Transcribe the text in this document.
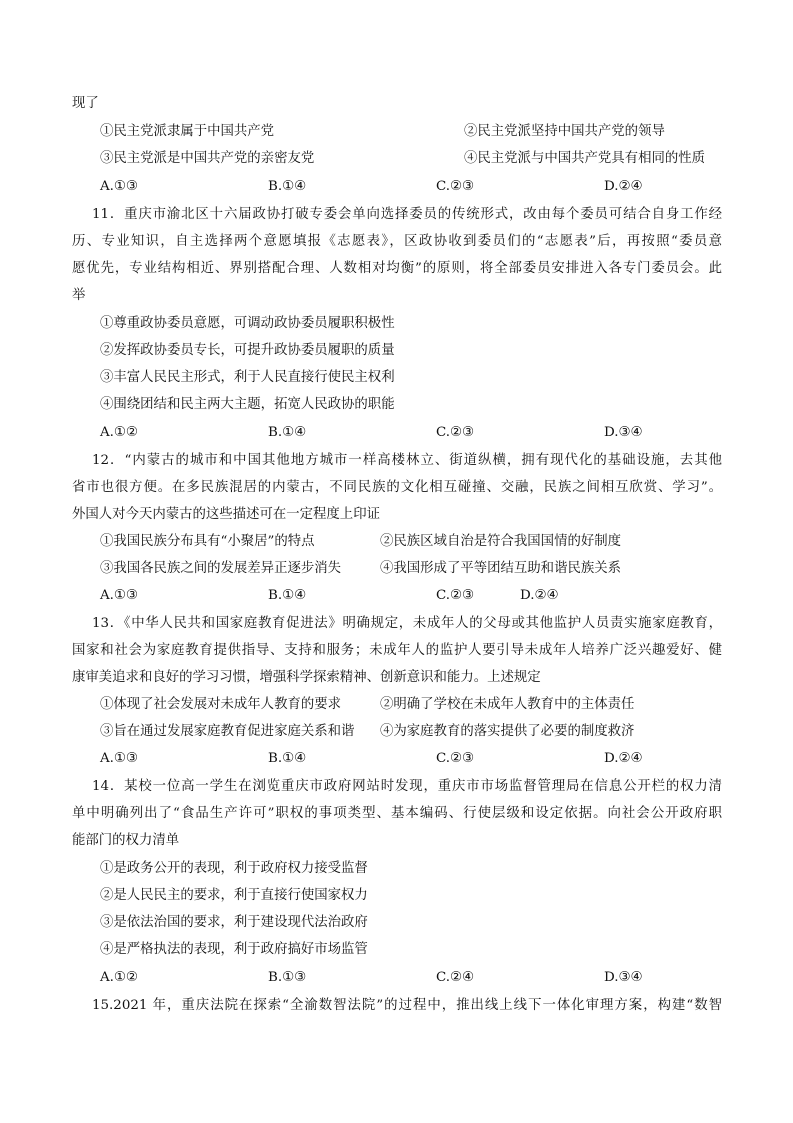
现了
①民主党派隶属于中国共产党	②民主党派坚持中国共产党的领导
③民主党派是中国共产党的亲密友党	④民主党派与中国共产党具有相同的性质
A.①③	B.①④	C.②③	D.②④
11．重庆市渝北区十六届政协打破专委会单向选择委员的传统形式，改由每个委员可结合自身工作经
历、专业知识，自主选择两个意愿填报《志愿表》，区政协收到委员们的“志愿表”后，再按照“委员意
愿优先，专业结构相近、界别搭配合理、人数相对均衡”的原则，将全部委员安排进入各专门委员会。此
举
①尊重政协委员意愿，可调动政协委员履职积极性
②发挥政协委员专长，可提升政协委员履职的质量
③丰富人民民主形式，利于人民直接行使民主权利
④围绕团结和民主两大主题，拓宽人民政协的职能
A.①②	B.①④	C.②③	D.③④
12．“内蒙古的城市和中国其他地方城市一样高楼林立、街道纵横，拥有现代化的基础设施，去其他
省市也很方便。在多民族混居的内蒙古，不同民族的文化相互碰撞、交融，民族之间相互欣赏、学习”。
外国人对今天内蒙古的这些描述可在一定程度上印证
①我国民族分布具有“小聚居”的特点	②民族区域自治是符合我国国情的好制度
③我国各民族之间的发展差异正逐步消失	④我国形成了平等团结互助和谐民族关系
A.①③	B.①④	C.②③	D.②④
13．《中华人民共和国家庭教育促进法》明确规定，未成年人的父母或其他监护人员责实施家庭教育，
国家和社会为家庭教育提供指导、支持和服务；未成年人的监护人要引导未成年人培养广泛兴趣爱好、健
康审美追求和良好的学习习惯，增强科学探索精神、创新意识和能力。上述规定
①体现了社会发展对未成年人教育的要求	②明确了学校在未成年人教育中的主体责任
③旨在通过发展家庭教育促进家庭关系和谐 ④为家庭教育的落实提供了必要的制度救济
A.①③	B.①④	C.②③	D.②④
14．某校一位高一学生在浏览重庆市政府网站时发现，重庆市市场监督管理局在信息公开栏的权力清
单中明确列出了“食品生产许可”职权的事项类型、基本编码、行使层级和设定依据。向社会公开政府职
能部门的权力清单
①是政务公开的表现，利于政府权力接受监督
②是人民民主的要求，利于直接行使国家权力
③是依法治国的要求，利于建设现代法治政府
④是严格执法的表现，利于政府搞好市场监管
A.①②	B.①③	C.②④	D.③④
15.2021 年，重庆法院在探索“全渝数智法院”的过程中，推出线上线下一体化审理方案，构建“数智
